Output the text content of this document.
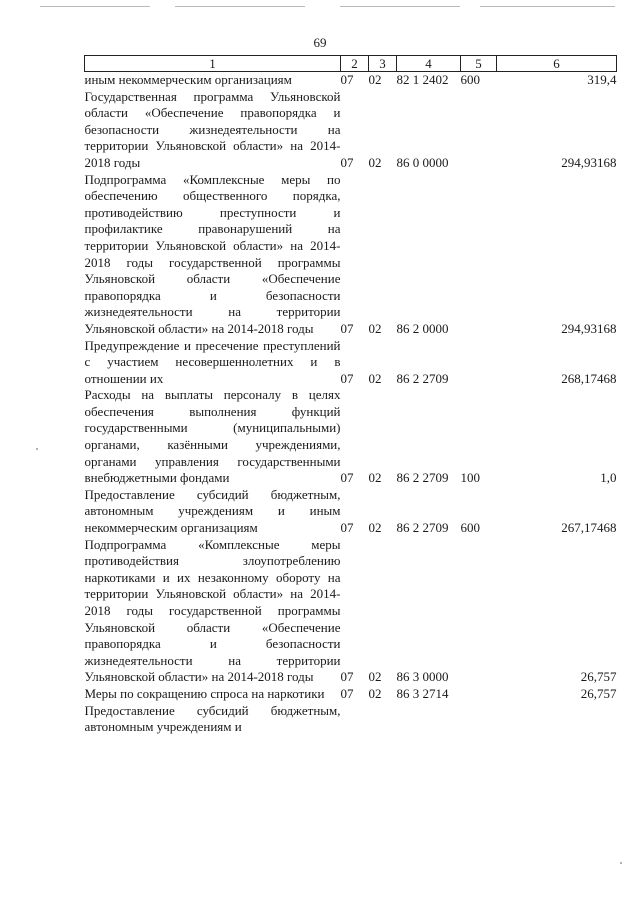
69
1	2	3	4	5	6
иным некоммерческим организациям	07	02	82 1 2402	600	319,4
Государственная программа Ульяновской области «Обеспечение правопорядка и безопасности жизнедеятельности на территории Ульяновской области» на 2014-2018 годы	07	02	86 0 0000		294,93168
Подпрограмма «Комплексные меры по обеспечению общественного порядка, противодействию преступности и профилактике правонарушений на территории Ульяновской области» на 2014-2018 годы государственной программы Ульяновской области «Обеспечение правопорядка и безопасности жизнедеятельности на территории Ульяновской области» на 2014-2018 годы	07	02	86 2 0000		294,93168
Предупреждение и пресечение преступлений с участием несовершеннолетних и в отношении их	07	02	86 2 2709		268,17468
Расходы на выплаты персоналу в целях обеспечения выполнения функций государственными (муниципальными) органами, казёнными учреждениями, органами управления государственными внебюджетными фондами	07	02	86 2 2709	100	1,0
Предоставление субсидий бюджетным, автономным учреждениям и иным некоммерческим организациям	07	02	86 2 2709	600	267,17468
Подпрограмма «Комплексные меры противодействия злоупотреблению наркотиками и их незаконному обороту на территории Ульяновской области» на 2014-2018 годы государственной программы Ульяновской области «Обеспечение правопорядка и безопасности жизнедеятельности на территории Ульяновской области» на 2014-2018 годы	07	02	86 3 0000		26,757
Меры по сокращению спроса на наркотики	07	02	86 3 2714		26,757
Предоставление субсидий бюджетным, автономным учреждениям и					
